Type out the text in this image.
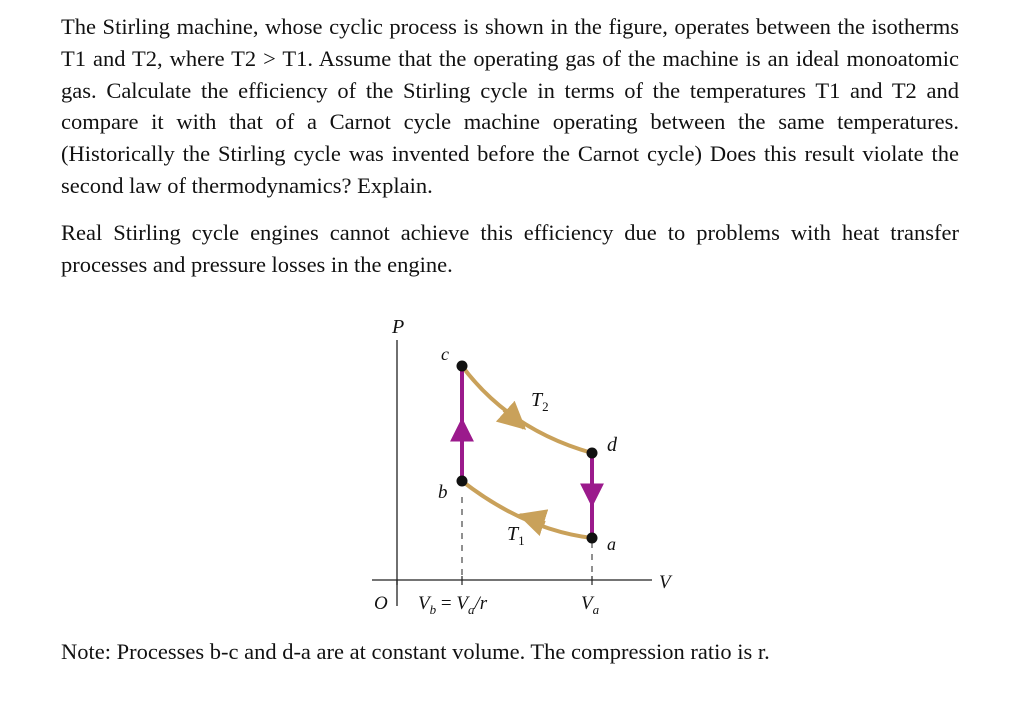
The Stirling machine, whose cyclic process is shown in the figure, operates between the isotherms T1 and T2, where T2 > T1. Assume that the operating gas of the machine is an ideal monoatomic gas. Calculate the efficiency of the Stirling cycle in terms of the temperatures T1 and T2 and compare it with that of a Carnot cycle machine operating between the same temperatures. (Historically the Stirling cycle was invented before the Carnot cycle) Does this result violate the second law of thermodynamics? Explain.

Real Stirling cycle engines cannot achieve this efficiency due to problems with heat transfer processes and pressure losses in the engine.

P
V
O
c
d
b
a
$T_2$
$T_1$
$V_b = V_a/r$	$V_a$

Note: Processes b-c and d-a are at constant volume. The compression ratio is r.
